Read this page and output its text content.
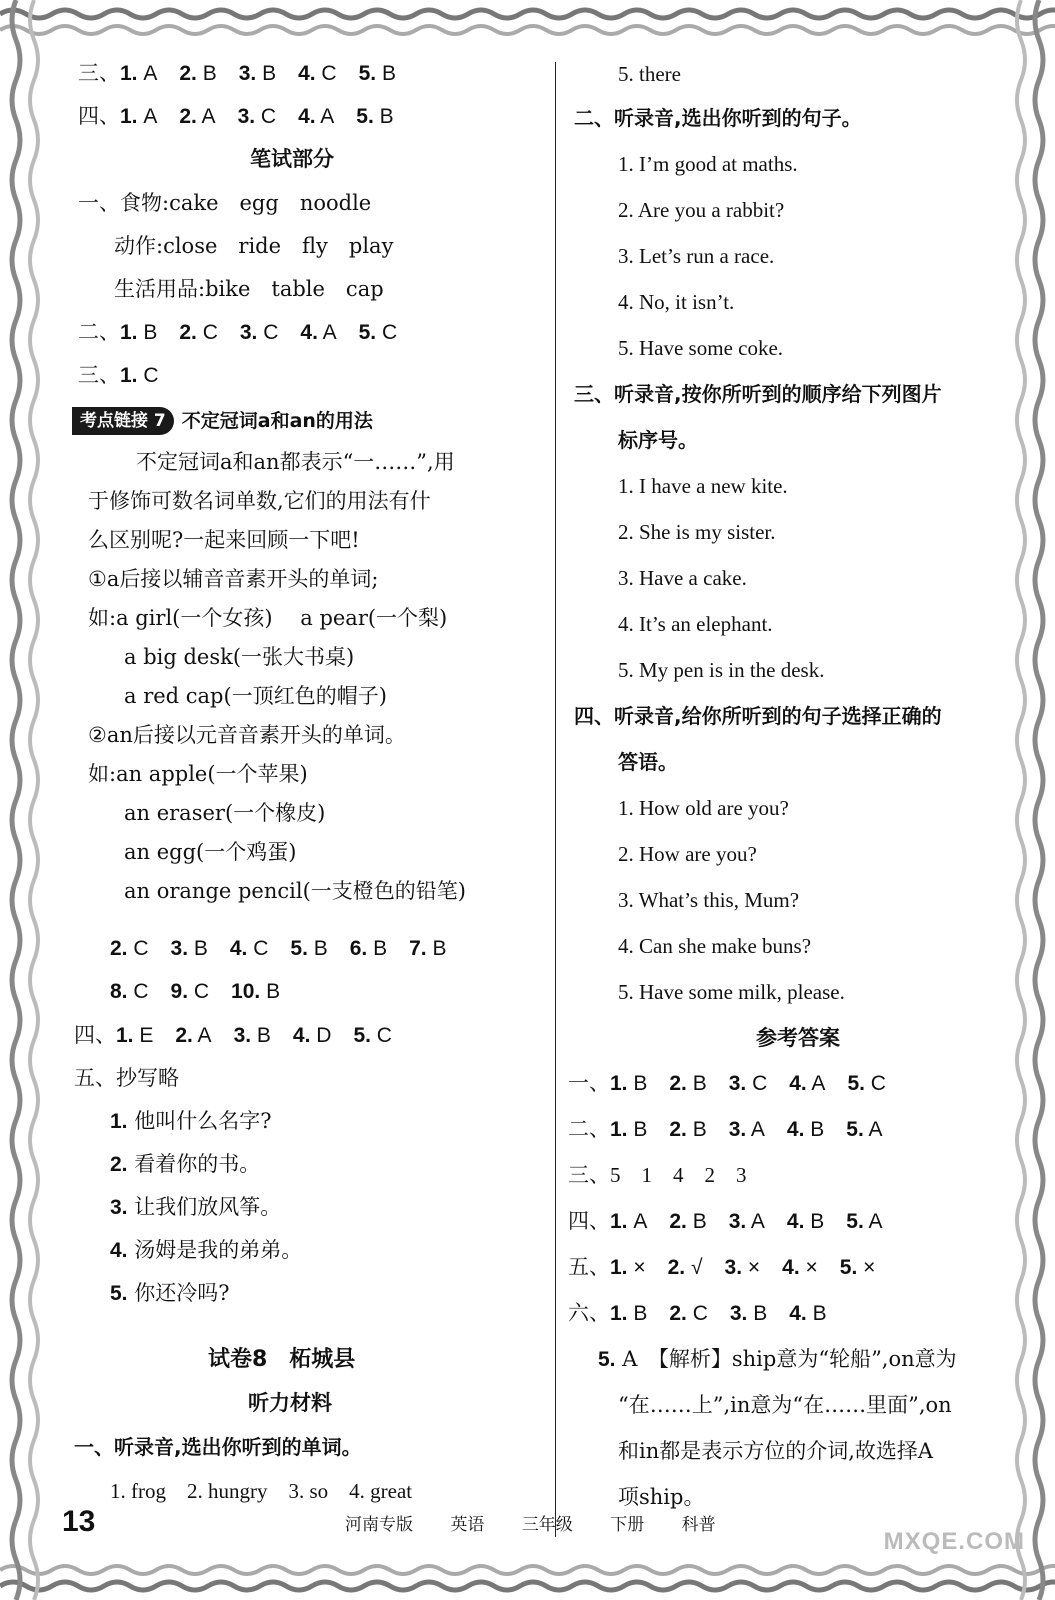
三、1. A 2. B 3. B 4. C 5. B
四、1. A 2. A 3. C 4. A 5. B
笔试部分
一、食物:cake　egg　noodle
动作:close　ride　fly　play
生活用品:bike　table　cap
二、1. B 2. C 3. C 4. A 5. C
三、1. C
考点链接 7 不定冠词a和an的用法
不定冠词a和an都表示“一……”,用
于修饰可数名词单数,它们的用法有什
么区别呢?一起来回顾一下吧!
①a后接以辅音音素开头的单词;
如:a girl(一个女孩)　 a pear(一个梨)
a big desk(一张大书桌)
a red cap(一顶红色的帽子)
②an后接以元音音素开头的单词。
如:an apple(一个苹果)
an eraser(一个橡皮)
an egg(一个鸡蛋)
an orange pencil(一支橙色的铅笔)
2. C 3. B 4. C 5. B 6. B 7. B
8. C 9. C 10. B
四、1. E 2. A 3. B 4. D 5. C
五、抄写略
1. 他叫什么名字?
2. 看着你的书。
3. 让我们放风筝。
4. 汤姆是我的弟弟。
5. 你还冷吗?
试卷8　柘城县
听力材料
一、听录音,选出你听到的单词。
1. frog　2. hungry　3. so　4. great
5. there
二、听录音,选出你听到的句子。
1. I’m good at maths.
2. Are you a rabbit?
3. Let’s run a race.
4. No, it isn’t.
5. Have some coke.
三、听录音,按你所听到的顺序给下列图片
标序号。
1. I have a new kite.
2. She is my sister.
3. Have a cake.
4. It’s an elephant.
5. My pen is in the desk.
四、听录音,给你所听到的句子选择正确的
答语。
1. How old are you?
2. How are you?
3. What’s this, Mum?
4. Can she make buns?
5. Have some milk, please.
参考答案
一、1. B 2. B 3. C 4. A 5. C
二、1. B 2. B 3. A 4. B 5. A
三、5　1　4　2　3
四、1. A 2. B 3. A 4. B 5. A
五、1. × 2. √ 3. × 4. × 5. ×
六、1. B 2. C 3. B 4. B
5. A　【解析】ship意为“轮船”,on意为
“在……上”,in意为“在……里面”,on
和in都是表示方位的介词,故选择A
项ship。
13	河南专版 英语 三年级 下册 科普
MXQE.COM
